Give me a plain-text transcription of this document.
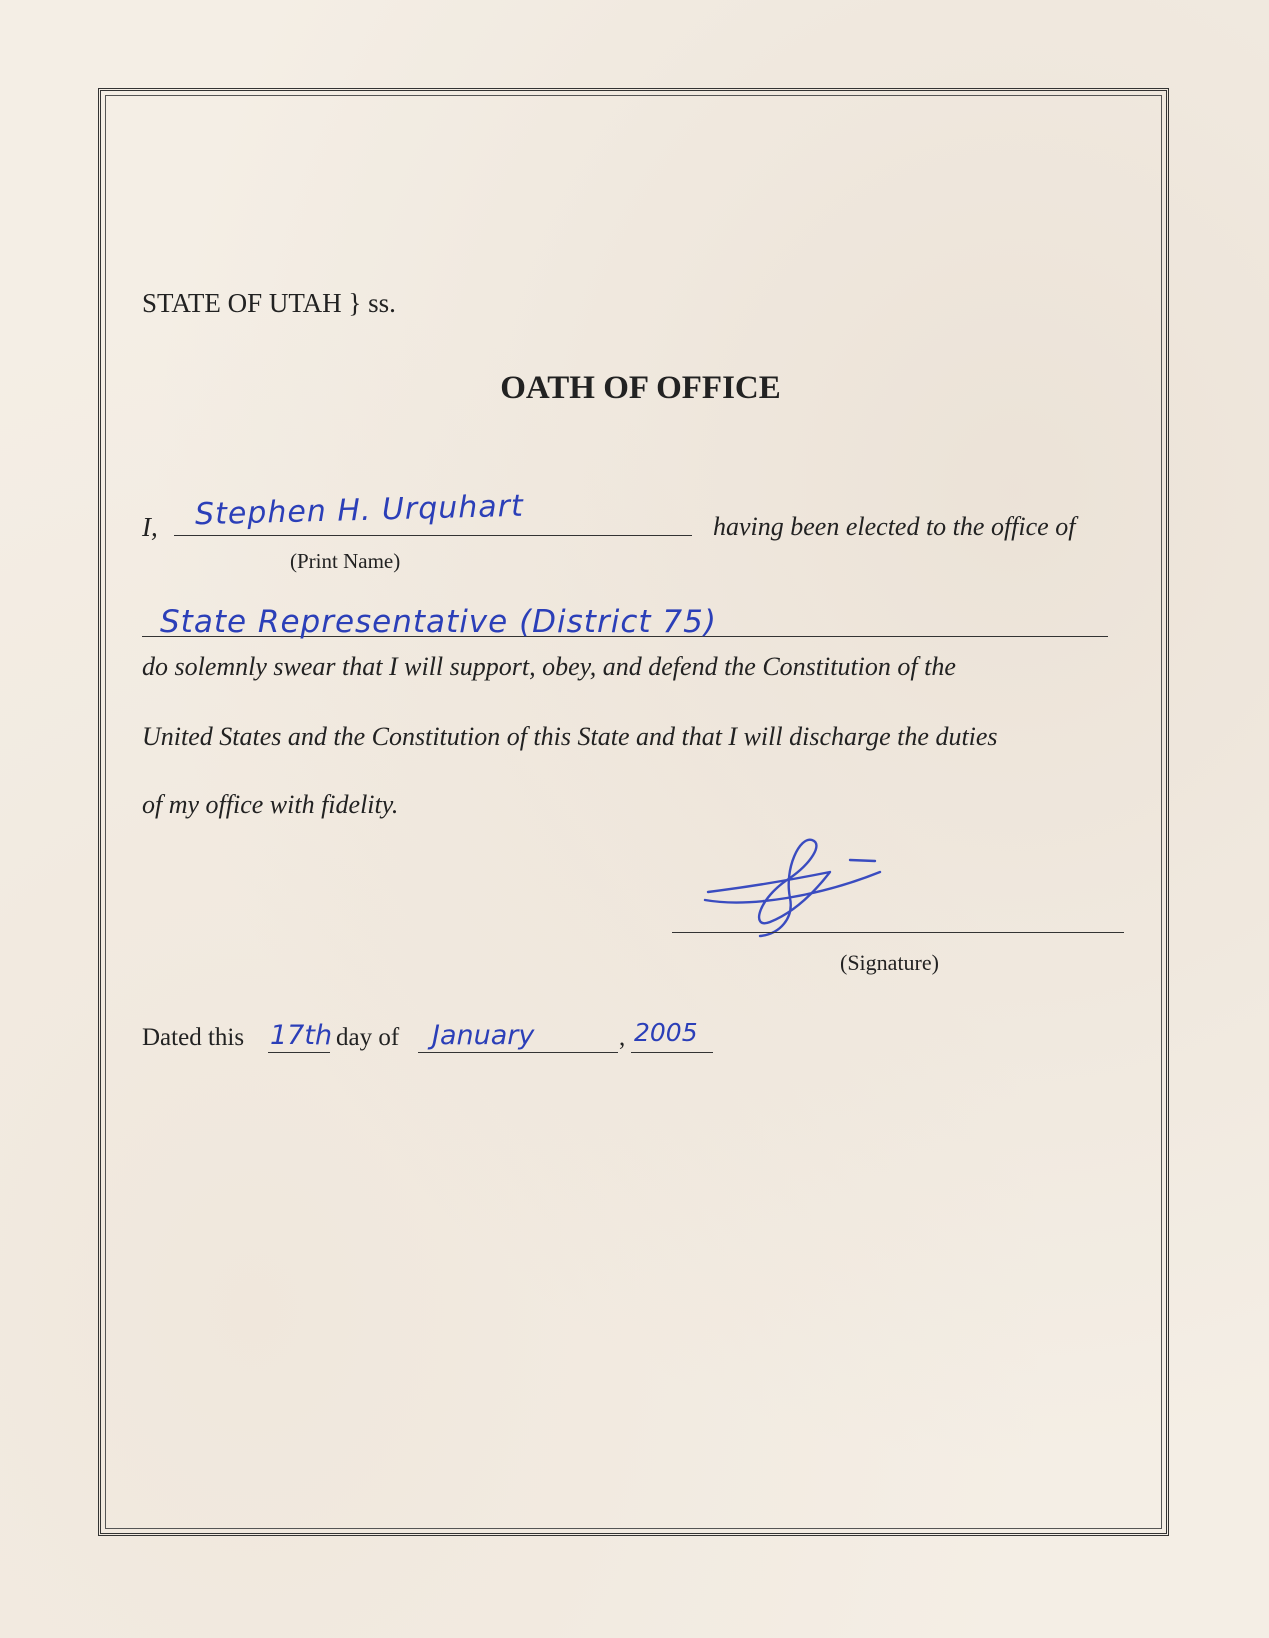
STATE OF UTAH } ss.
OATH OF OFFICE
I, Stephen H. Urquhart
(Print Name)
having been elected to the office of
State Representative (District 75)
do solemnly swear that I will support, obey, and defend the Constitution of the
United States and the Constitution of this State and that I will discharge the duties
of my office with fidelity.
(Signature)
Dated this 17th day of January	, 2005
